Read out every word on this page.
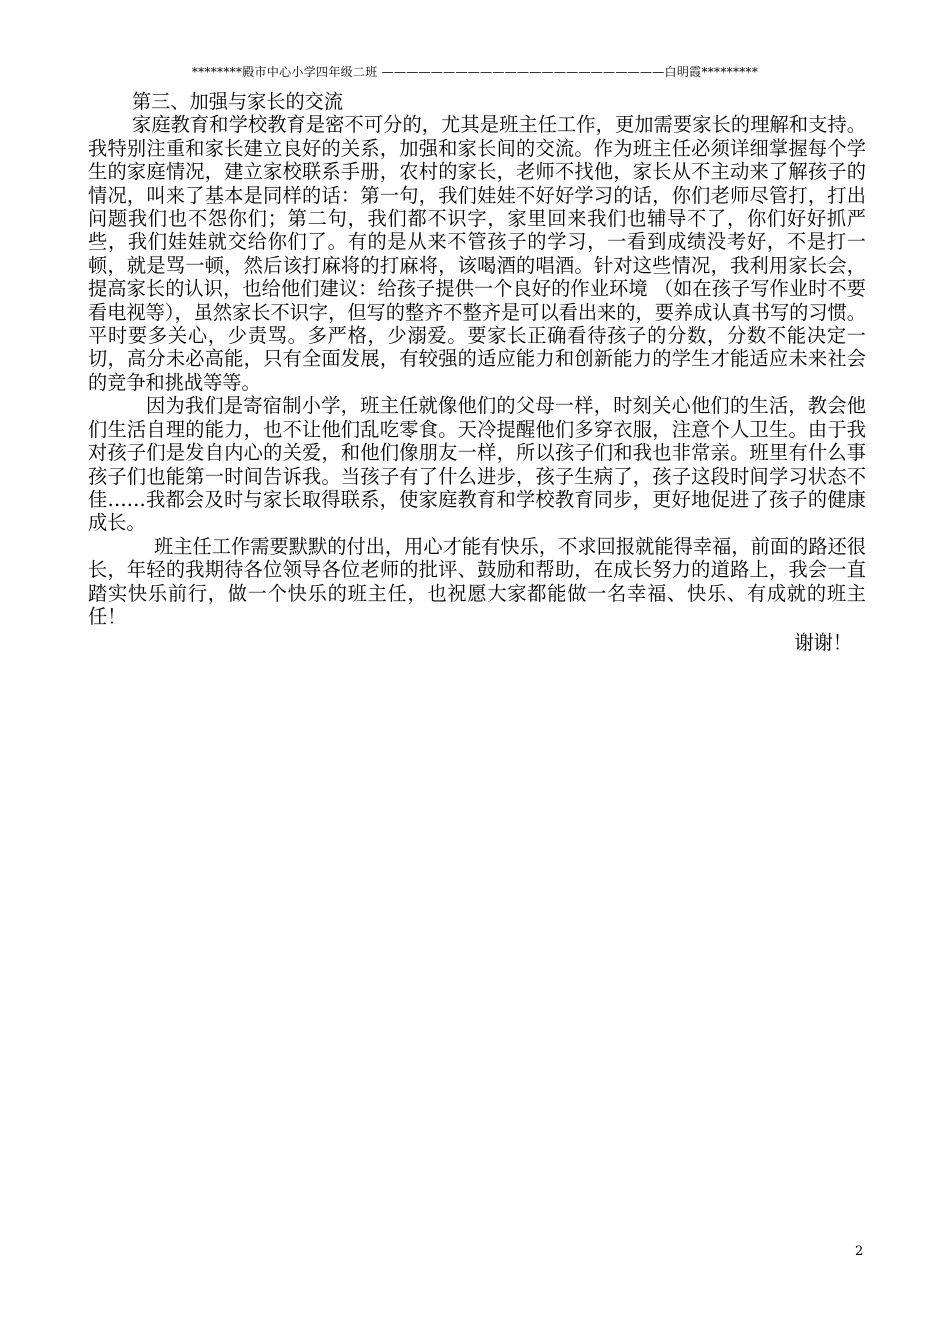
********殿市中心小学四年级二班 ———————————————————————白明霞*********

第三、加强与家长的交流

家庭教育和学校教育是密不可分的，尤其是班主任工作，更加需要家长的理解和支持。我特别注重和家长建立良好的关系，加强和家长间的交流。作为班主任必须详细掌握每个学生的家庭情况，建立家校联系手册，农村的家长，老师不找他，家长从不主动来了解孩子的情况，叫来了基本是同样的话：第一句，我们娃娃不好好学习的话，你们老师尽管打，打出问题我们也不怨你们；第二句，我们都不识字，家里回来我们也辅导不了，你们好好抓严些，我们娃娃就交给你们了。有的是从来不管孩子的学习，一看到成绩没考好，不是打一顿，就是骂一顿，然后该打麻将的打麻将，该喝酒的唱酒。针对这些情况，我利用家长会，提高家长的认识，也给他们建议：给孩子提供一个良好的作业环境 （如在孩子写作业时不要看电视等），虽然家长不识字，但写的整齐不整齐是可以看出来的，要养成认真书写的习惯。 平时要多关心，少责骂。多严格，少溺爱。要家长正确看待孩子的分数，分数不能决定一切，高分未必高能，只有全面发展，有较强的适应能力和创新能力的学生才能适应未来社会的竞争和挑战等等。

因为我们是寄宿制小学，班主任就像他们的父母一样，时刻关心他们的生活，教会他们生活自理的能力，也不让他们乱吃零食。天冷提醒他们多穿衣服，注意个人卫生。由于我对孩子们是发自内心的关爱，和他们像朋友一样，所以孩子们和我也非常亲。班里有什么事孩子们也能第一时间告诉我。当孩子有了什么进步，孩子生病了，孩子这段时间学习状态不佳……我都会及时与家长取得联系，使家庭教育和学校教育同步，更好地促进了孩子的健康成长。

班主任工作需要默默的付出，用心才能有快乐，不求回报就能得幸福，前面的路还很长，年轻的我期待各位领导各位老师的批评、鼓励和帮助，在成长努力的道路上，我会一直踏实快乐前行，做一个快乐的班主任，也祝愿大家都能做一名幸福、快乐、有成就的班主任！

谢谢！

2
